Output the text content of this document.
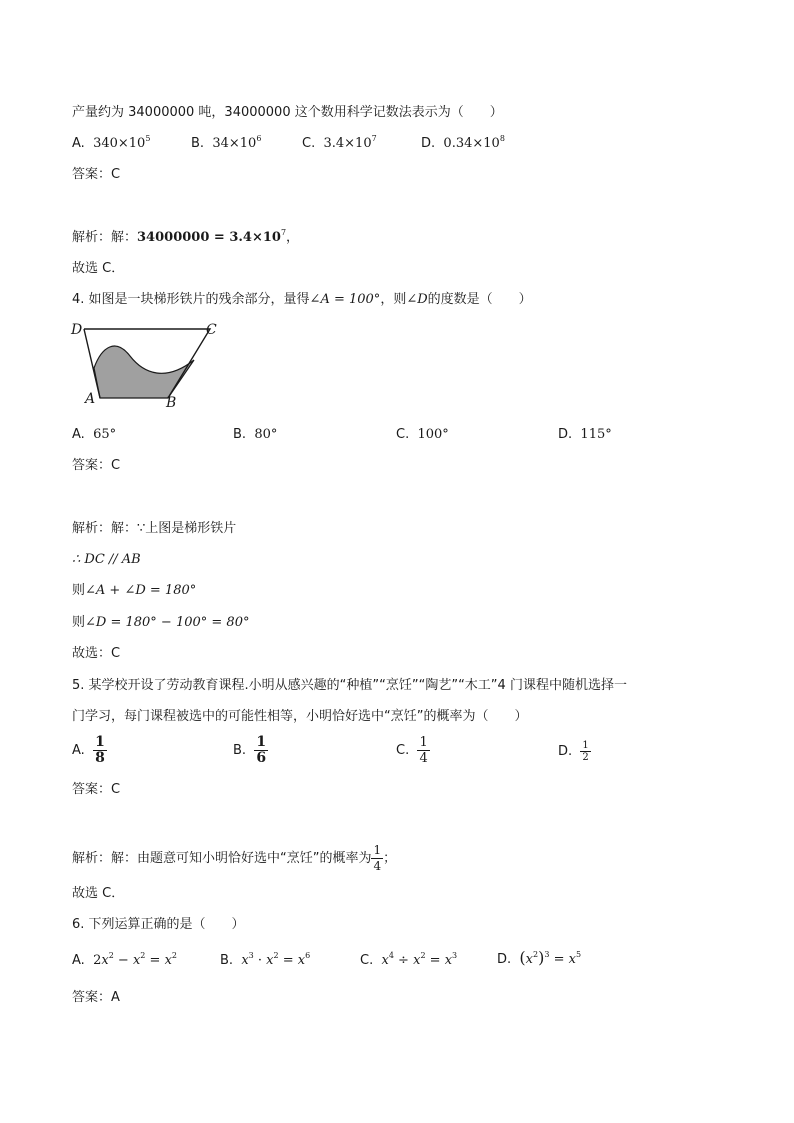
产量约为 34000000 吨，34000000 这个数用科学记数法表示为（　　）
A. $340\times 10^5$	B. $34\times 10^6$	C. $3.4\times 10^7$	D. $0.34\times 10^8$
答案：C
解析：解：$34000000 = 3.4\times 10^7$，
故选 C．
4. 如图是一块梯形铁片的残余部分，量得∠A = 100°，则∠D的度数是（　　）
D	C
A	B
A. 65°	B. 80°	C. 100°	D. 115°
答案：C
解析：解：∵上图是梯形铁片
∴ DC // AB
则∠A + ∠D = 180°
则∠D = 180° − 100° = 80°
故选：C
5. 某学校开设了劳动教育课程.小明从感兴趣的“种植”“烹饪”“陶艺”“木工”4 门课程中随机选择一
门学习，每门课程被选中的可能性相等，小明恰好选中“烹饪”的概率为（　　）
A. $\frac{1}{8}$	B. $\frac{1}{6}$	C. $\frac{1}{4}$	D. $\frac{1}{2}$
答案：C
解析：解：由题意可知小明恰好选中“烹饪”的概率为 $\frac{1}{4}$ ；
故选 C．
6. 下列运算正确的是（　　）
A. $2x^2 - x^2 = x^2$	B. $x^3 \cdot x^2 = x^6$	C. $x^4 \div x^2 = x^3$	D. $(x^2)^3 = x^5$
答案：A
